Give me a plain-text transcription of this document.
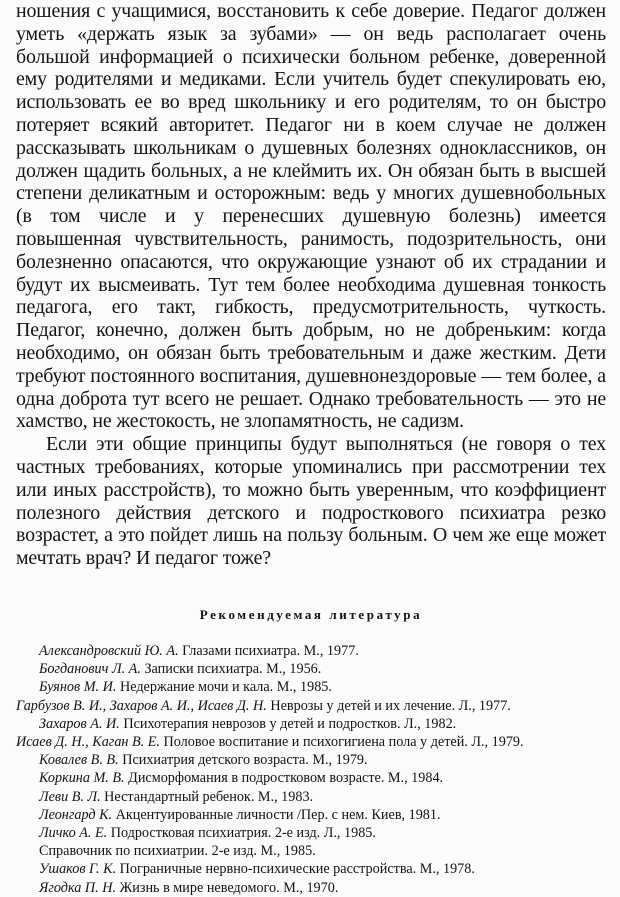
ношения с учащимися, восстановить к себе доверие. Педагог должен уметь «держать язык за зубами» — он ведь располагает очень большой информацией о психически больном ребенке, доверенной ему родителями и медиками. Если учитель будет спекулировать ею, использовать ее во вред школьнику и его родителям, то он быстро потеряет всякий авторитет. Педагог ни в коем случае не должен рассказывать школьникам о душевных болезнях одноклассников, он должен щадить больных, а не клеймить их. Он обязан быть в высшей степени деликатным и осторожным: ведь у многих душевнобольных (в том числе и у перенесших душевную болезнь) имеется повышенная чувствительность, ранимость, подозрительность, они болезненно опасаются, что окружающие узнают об их страдании и будут их высмеивать. Тут тем более необходима душевная тонкость педагога, его такт, гибкость, предусмотрительность, чуткость. Педагог, конечно, должен быть добрым, но не добреньким: когда необходимо, он обязан быть требовательным и даже жестким. Дети требуют постоянного воспитания, душевнонездоровые — тем более, а одна доброта тут всего не решает. Однако требовательность — это не хамство, не жестокость, не злопамятность, не садизм.

Если эти общие принципы будут выполняться (не говоря о тех частных требованиях, которые упоминались при рассмотрении тех или иных расстройств), то можно быть уверенным, что коэффициент полезного действия детского и подросткового психиатра резко возрастет, а это пойдет лишь на пользу больным. О чем же еще может мечтать врач? И педагог тоже?

Рекомендуемая литература
Александровский Ю. А. Глазами психиатра. М., 1977.
Богданович Л. А. Записки психиатра. М., 1956.
Буянов М. И. Недержание мочи и кала. М., 1985.
Гарбузов В. И., Захаров А. И., Исаев Д. Н. Неврозы у детей и их лечение. Л., 1977.
Захаров А. И. Психотерапия неврозов у детей и подростков. Л., 1982.
Исаев Д. Н., Каган В. Е. Половое воспитание и психогигиена пола у детей. Л., 1979.
Ковалев В. В. Психиатрия детского возраста. М., 1979.
Коркина М. В. Дисморфомания в подростковом возрасте. М., 1984.
Леви В. Л. Нестандартный ребенок. М., 1983.
Леонгард К. Акцентуированные личности /Пер. с нем. Киев, 1981.
Личко А. Е. Подростковая психиатрия. 2-е изд. Л., 1985.
Справочник по психиатрии. 2-е изд. М., 1985.
Ушаков Г. К. Пограничные нервно-психические расстройства. М., 1978.
Ягодка П. Н. Жизнь в мире неведомого. М., 1970.
